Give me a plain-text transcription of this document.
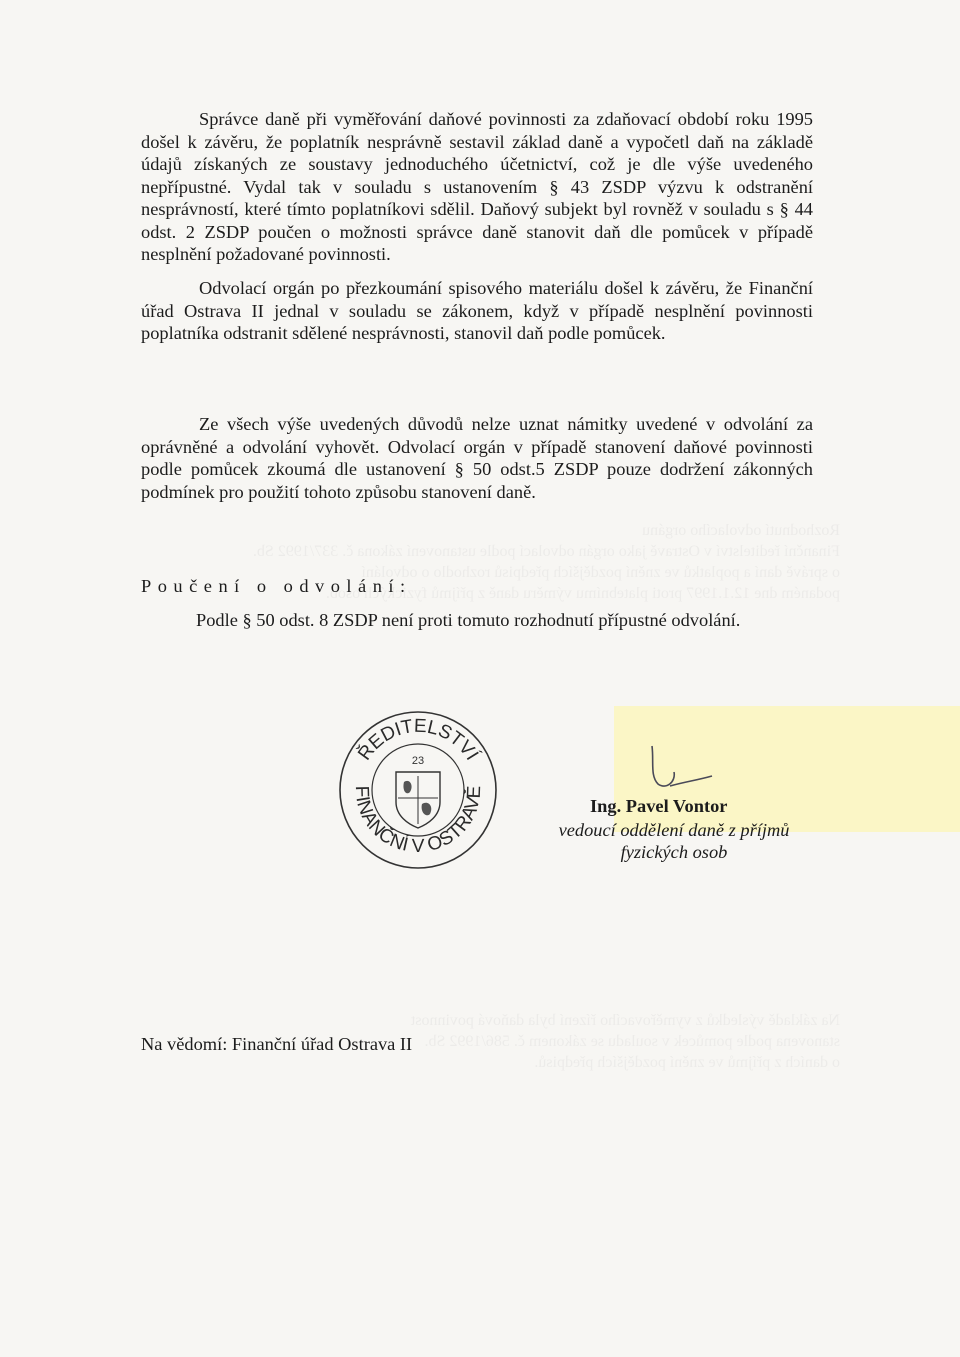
Rozhodnutí odvolacího orgánu
Finanční ředitelství v Ostravě jako orgán odvolací podle ustanovení zákona č. 337/1992 Sb.
o správě daní a poplatků ve znění pozdějších předpisů rozhodlo o odvolání
podaném dne 12.1.1997 proti platebnímu výměru daně z příjmů fyzických osob.
Na základě výsledků z vyměřovacího řízení byla daňová povinnost
stanovena podle pomůcek v souladu se zákonem č. 586/1992 Sb.
o daních z příjmů ve znění pozdějších předpisů.

Správce daně při vyměřování daňové povinnosti za zdaňovací období roku 1995 došel k závěru, že poplatník nesprávně sestavil základ daně a vypočetl daň na základě údajů získaných ze soustavy jednoduchého účetnictví, což je dle výše uvedeného nepřípustné. Vydal tak v souladu s ustanovením § 43 ZSDP výzvu k odstranění nesprávností, které tímto poplatníkovi sdělil. Daňový subjekt byl rovněž v souladu s § 44 odst. 2 ZSDP poučen o možnosti správce daně stanovit daň dle pomůcek v případě nesplnění požadované povinnosti.

Odvolací orgán po přezkoumání spisového materiálu došel k závěru, že Finanční úřad Ostrava II jednal v souladu se zákonem, když v případě nesplnění povinnosti poplatníka odstranit sdělené nesprávnosti, stanovil daň podle pomůcek.

Ze všech výše uvedených důvodů nelze uznat námitky uvedené v odvolání za oprávněné a odvolání vyhovět. Odvolací orgán v případě stanovení daňové povinnosti podle pomůcek zkoumá dle ustanovení § 50 odst.5 ZSDP pouze dodržení zákonných podmínek pro použití tohoto způsobu stanovení daně.

Poučení o odvolání:

Podle § 50 odst. 8 ZSDP není proti tomuto rozhodnutí přípustné odvolání.

ŘEDITELSTVÍ
FINANČNÍ V OSTRAVĚ
23

Ing. Pavel Vontor

vedoucí oddělení daně z příjmů

fyzických osob

Na vědomí: Finanční úřad Ostrava II
